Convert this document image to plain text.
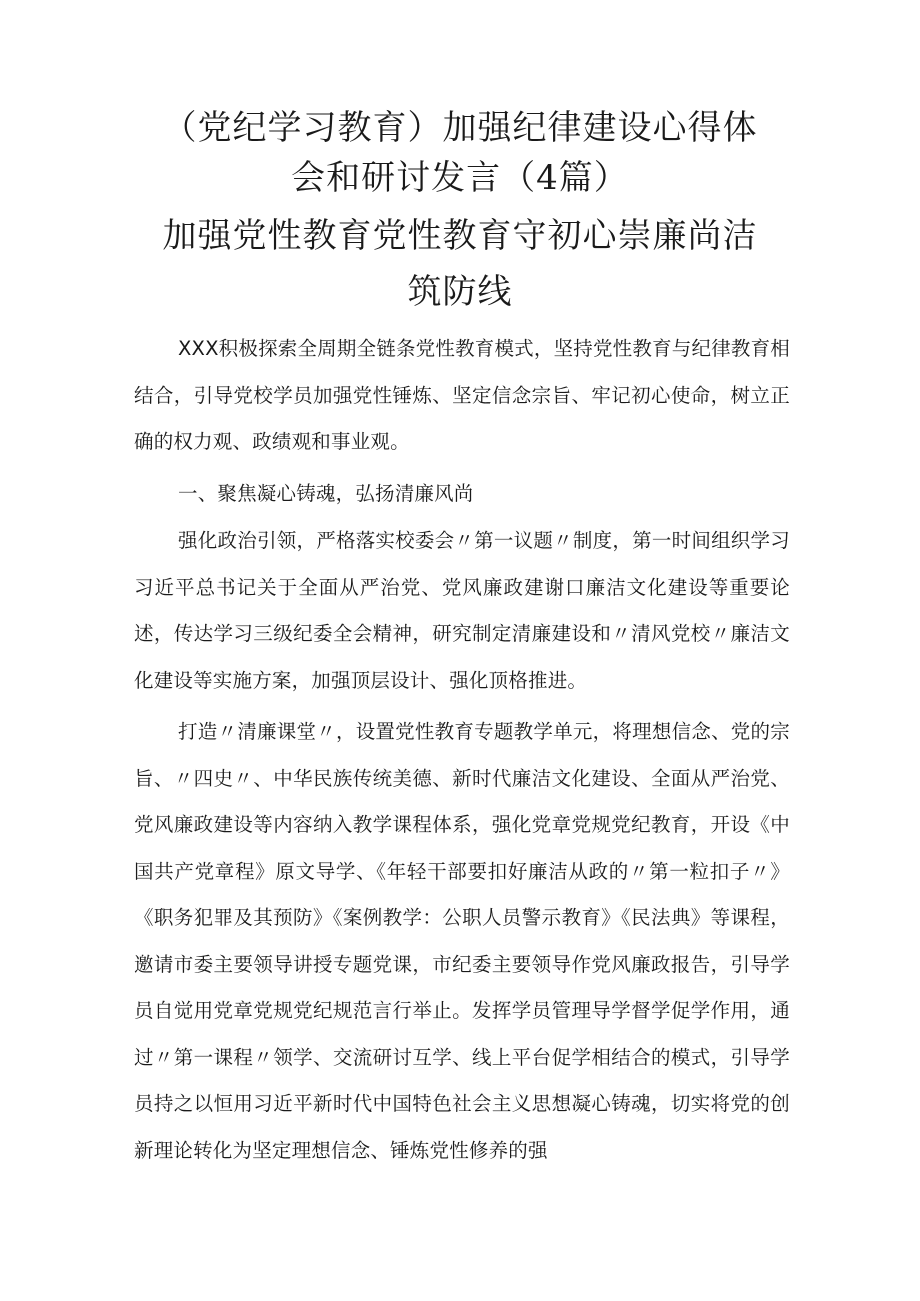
（党纪学习教育）加强纪律建设心得体
会和研讨发言（4篇）
加强党性教育党性教育守初心崇廉尚洁
筑防线

XXX积极探索全周期全链条党性教育模式，坚持党性教育与纪律教育相结合，引导党校学员加强党性锤炼、坚定信念宗旨、牢记初心使命，树立正确的权力观、政绩观和事业观。

一、聚焦凝心铸魂，弘扬清廉风尚

强化政治引领，严格落实校委会〃第一议题〃制度，第一时间组织学习习近平总书记关于全面从严治党、党风廉政建谢口廉洁文化建设等重要论述，传达学习三级纪委全会精神，研究制定清廉建设和〃清风党校〃廉洁文化建设等实施方案，加强顶层设计、强化顶格推进。

打造〃清廉课堂〃，设置党性教育专题教学单元，将理想信念、党的宗旨、〃四史〃、中华民族传统美德、新时代廉洁文化建设、全面从严治党、党风廉政建设等内容纳入教学课程体系，强化党章党规党纪教育，开设《中国共产党章程》原文导学、《年轻干部要扣好廉洁从政的〃第一粒扣子〃》《职务犯罪及其预防》《案例教学：公职人员警示教育》《民法典》等课程，邀请市委主要领导讲授专题党课，市纪委主要领导作党风廉政报告，引导学员自觉用党章党规党纪规范言行举止。发挥学员管理导学督学促学作用，通过〃第一课程〃领学、交流研讨互学、线上平台促学相结合的模式，引导学员持之以恒用习近平新时代中国特色社会主义思想凝心铸魂，切实将党的创新理论转化为坚定理想信念、锤炼党性修养的强
